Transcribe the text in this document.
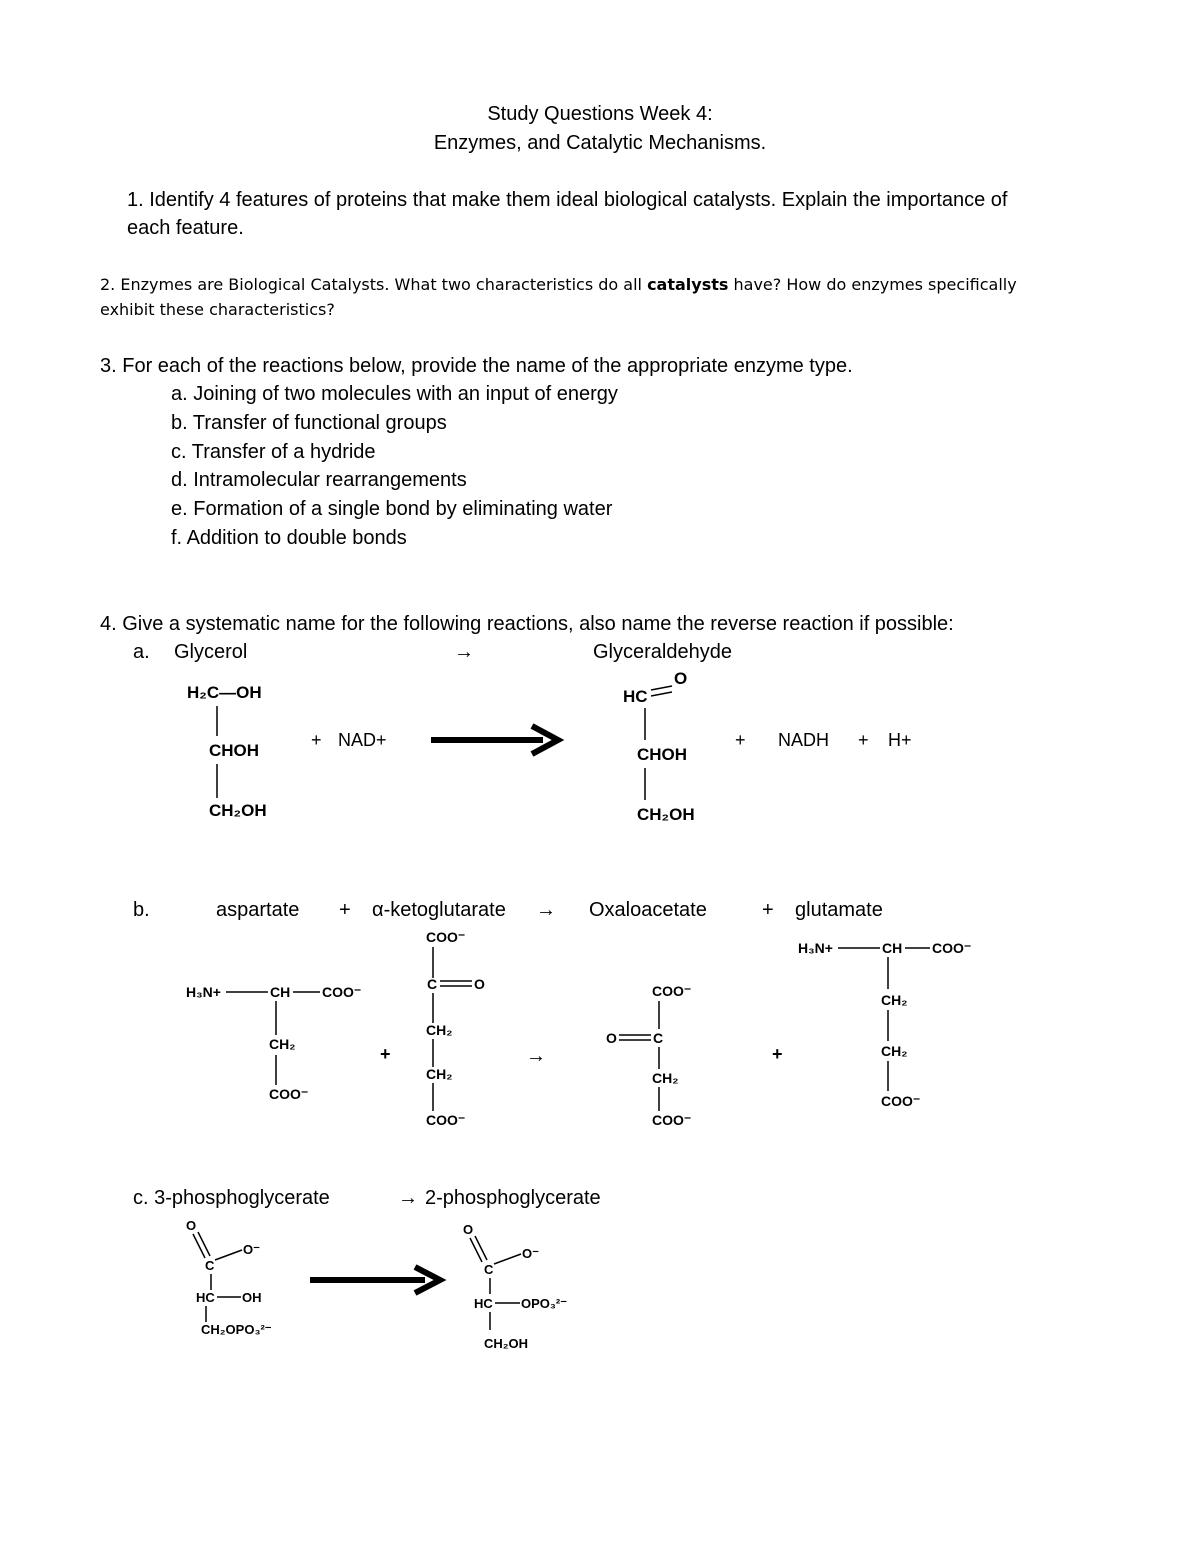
Study Questions Week 4:
Enzymes, and Catalytic Mechanisms.
1. Identify 4 features of proteins that make them ideal biological catalysts. Explain the importance of
each feature.
2. Enzymes are Biological Catalysts. What two characteristics do all catalysts have? How do enzymes specifically
exhibit these characteristics?
3. For each of the reactions below, provide the name of the appropriate enzyme type.
a. Joining of two molecules with an input of energy
b. Transfer of functional groups
c. Transfer of a hydride
d. Intramolecular rearrangements
e. Formation of a single bond by eliminating water
f. Addition to double bonds
4. Give a systematic name for the following reactions, also name the reverse reaction if possible:
a. Glycerol	→	Glyceraldehyde
H₂C—OH
CHOH
CH₂OH
+ NAD+
HC
O
CHOH
CH₂OH
+ NADH + H+
b.	aspartate + α-ketoglutarate → Oxaloacetate	+ glutamate
H₃N+	CH COO⁻
CH₂
COO⁻
+
COO⁻
C	O
CH₂
CH₂
COO⁻
→
COO⁻
O	C
CH₂
COO⁻
+
H₃N+	CH COO⁻
CH₂
CH₂
COO⁻
c. 3-phosphoglycerate	→ 2-phosphoglycerate
O
C
O⁻
HC OH
CH₂OPO₃²⁻
O
C
O⁻
HC OPO₃²⁻
CH₂OH
